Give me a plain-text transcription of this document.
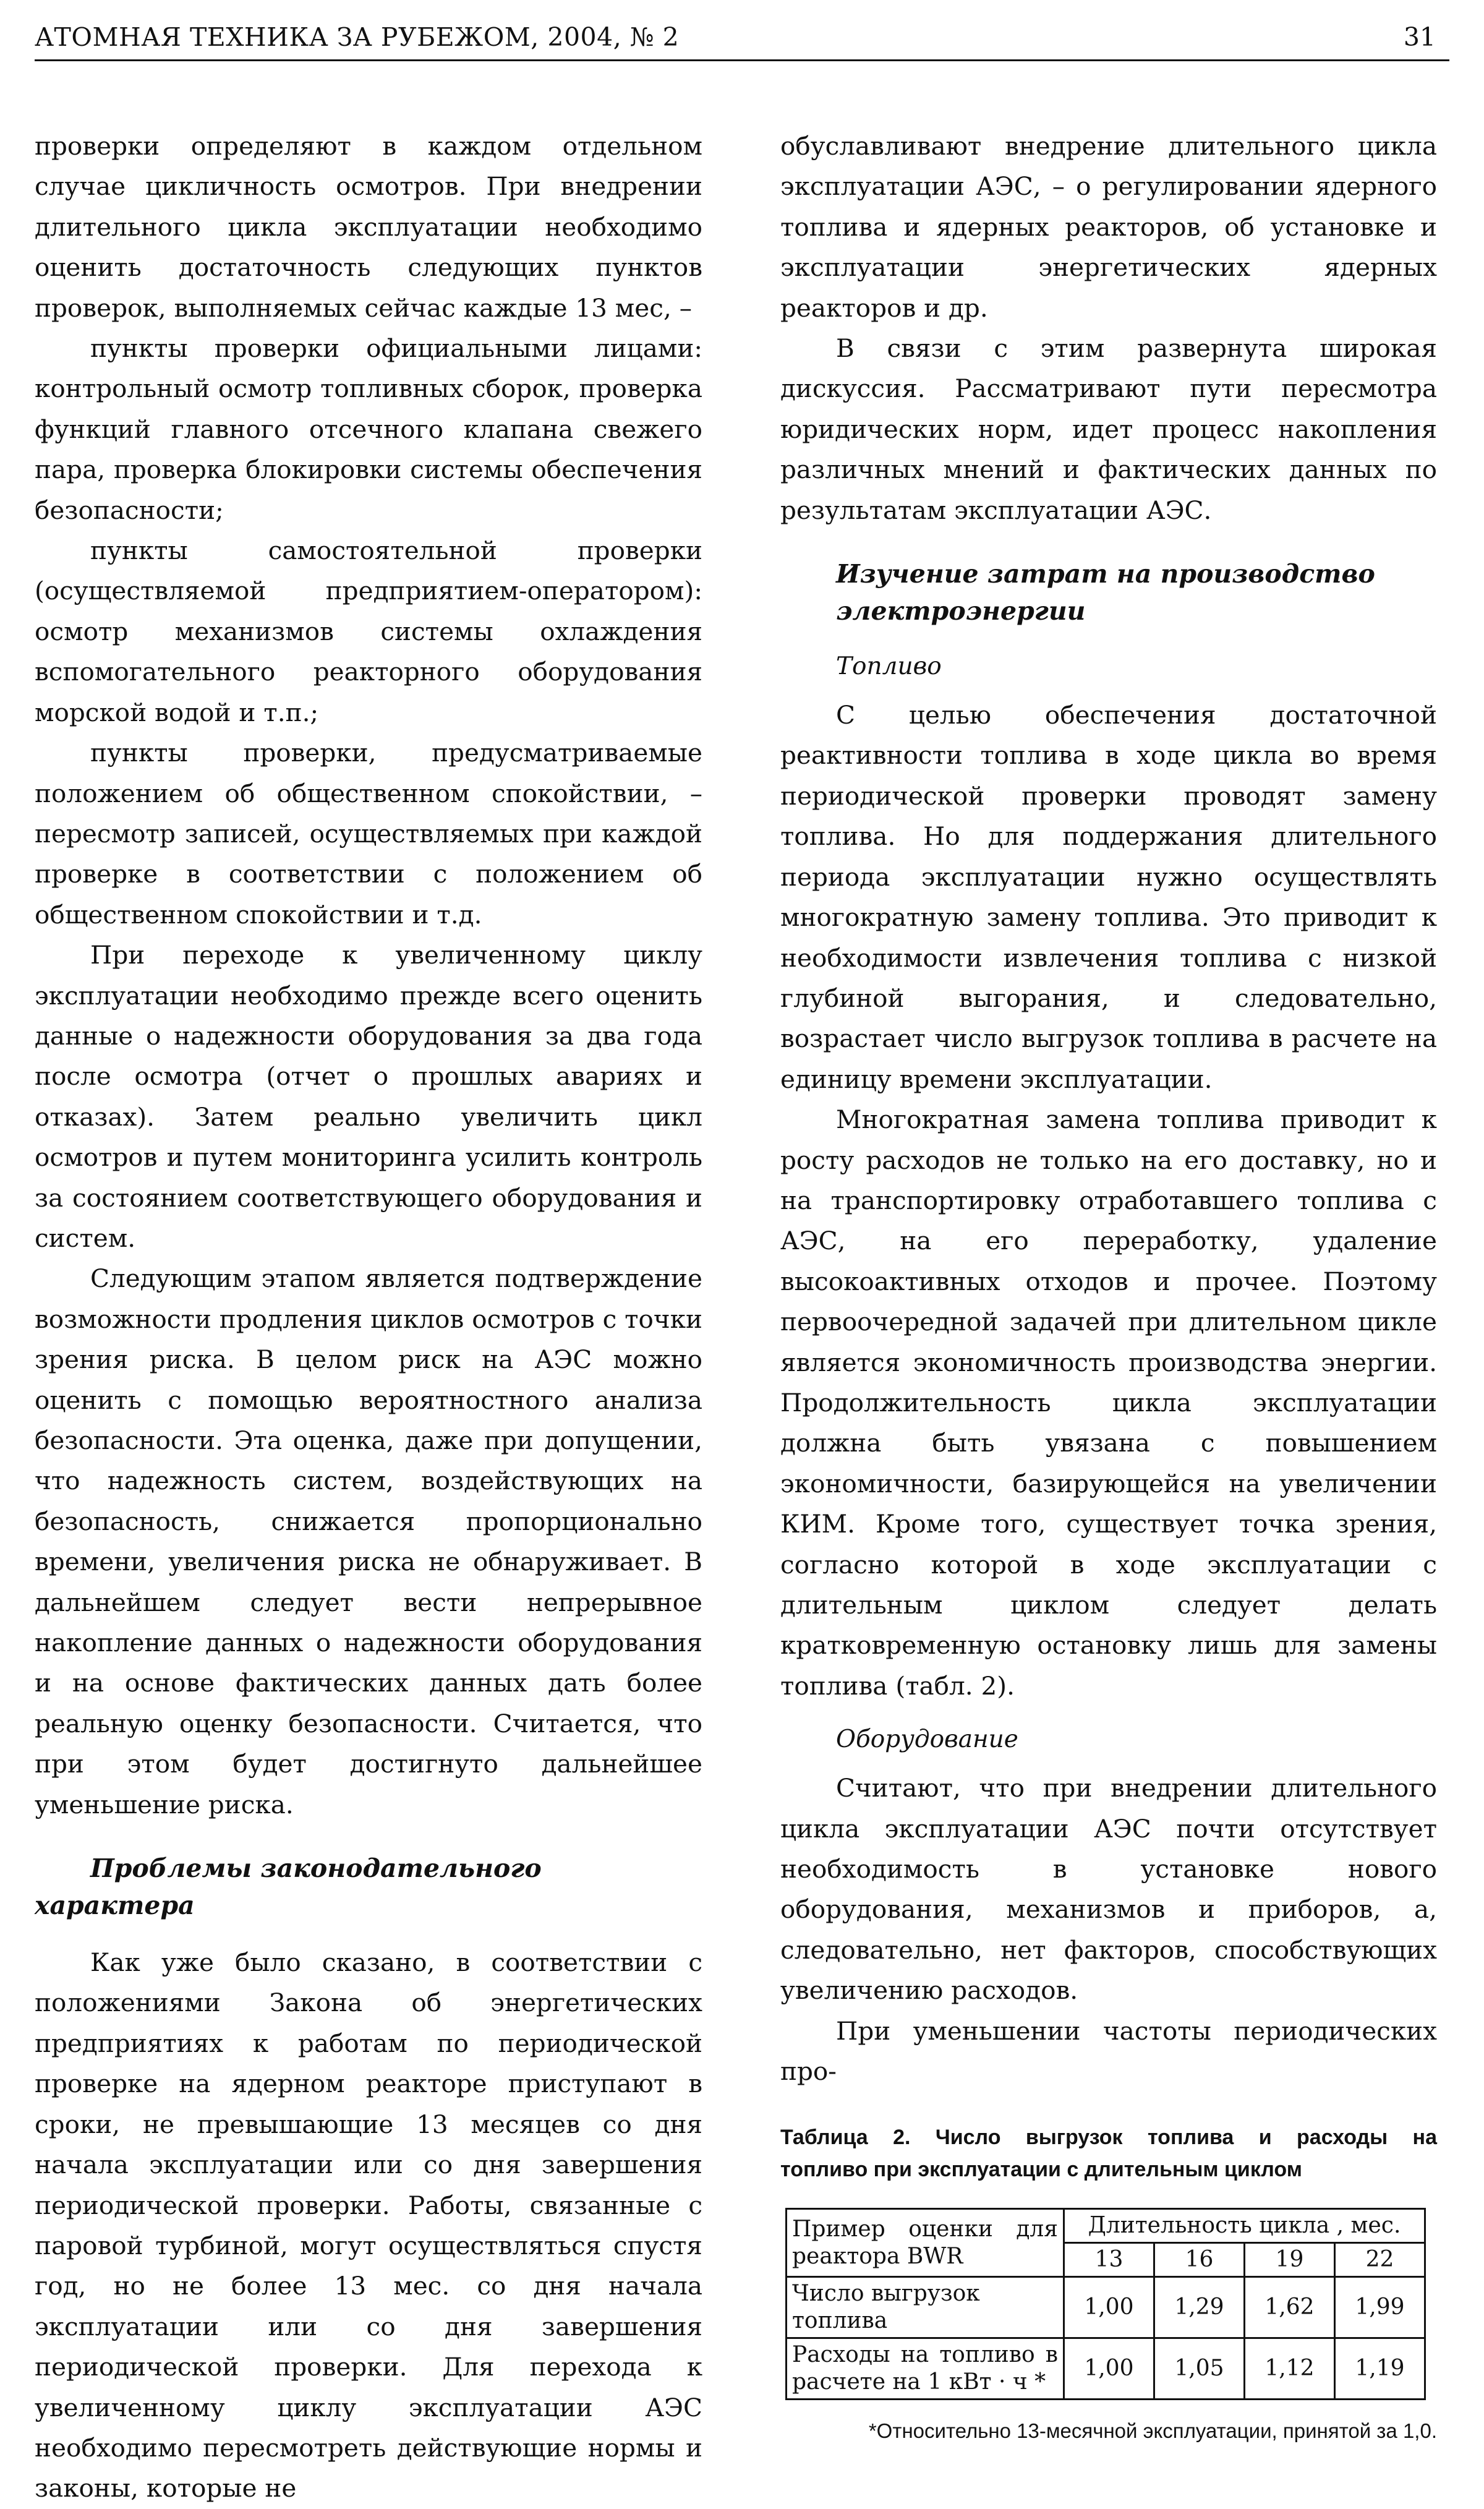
АТОМНАЯ ТЕХНИКА ЗА РУБЕЖОМ, 2004, № 2	31

проверки определяют в каждом отдельном случае цикличность осмотров. При внедрении длительного цикла эксплуатации необходимо оценить достаточность следующих пунктов проверок, выполняемых сейчас каждые 13 мес, –

пункты проверки официальными лицами: контрольный осмотр топливных сборок, проверка функций главного отсечного клапана свежего пара, проверка блокировки системы обеспечения безопасности;

пункты самостоятельной проверки (осуществляемой предприятием-оператором): осмотр механизмов системы охлаждения вспомогательного реакторного оборудования морской водой и т.п.;

пункты проверки, предусматриваемые положением об общественном спокойствии, – пересмотр записей, осуществляемых при каждой проверке в соответствии с положением об общественном спокойствии и т.д.

При переходе к увеличенному циклу эксплуатации необходимо прежде всего оценить данные о надежности оборудования за два года после осмотра (отчет о прошлых авариях и отказах). Затем реально увеличить цикл осмотров и путем мониторинга усилить контроль за состоянием соответствующего оборудования и систем.

Следующим этапом является подтверждение возможности продления циклов осмотров с точки зрения риска. В целом риск на АЭС можно оценить с помощью вероятностного анализа безопасности. Эта оценка, даже при допущении, что надежность систем, воздействующих на безопасность, снижается пропорционально времени, увеличения риска не обнаруживает. В дальнейшем следует вести непрерывное накопление данных о надежности оборудования и на основе фактических данных дать более реальную оценку безопасности. Считается, что при этом будет достигнуто дальнейшее уменьшение риска.

Проблемы законодательного характера

Как уже было сказано, в соответствии с положениями Закона об энергетических предприятиях к работам по периодической проверке на ядерном реакторе приступают в сроки, не превышающие 13 месяцев со дня начала эксплуатации или со дня завершения периодической проверки. Работы, связанные с паровой турбиной, могут осуществляться спустя год, но не более 13 мес. со дня начала эксплуатации или со дня завершения периодической проверки. Для перехода к увеличенному циклу эксплуатации АЭС необходимо пересмотреть действующие нормы и законы, которые не

обуславливают внедрение длительного цикла эксплуатации АЭС, – о регулировании ядерного топлива и ядерных реакторов, об установке и эксплуатации энергетических ядерных реакторов и др.

В связи с этим развернута широкая дискуссия. Рассматривают пути пересмотра юридических норм, идет процесс накопления различных мнений и фактических данных по результатам эксплуатации АЭС.

Изучение затрат на производство
электроэнергии
Топливо

С целью обеспечения достаточной реактивности топлива в ходе цикла во время периодической проверки проводят замену топлива. Но для поддержания длительного периода эксплуатации нужно осуществлять многократную замену топлива. Это приводит к необходимости извлечения топлива с низкой глубиной выгорания, и следовательно, возрастает число выгрузок топлива в расчете на единицу времени эксплуатации.

Многократная замена топлива приводит к росту расходов не только на его доставку, но и на транспортировку отработавшего топлива с АЭС, на его переработку, удаление высокоактивных отходов и прочее. Поэтому первоочередной задачей при длительном цикле является экономичность производства энергии. Продолжительность цикла эксплуатации должна быть увязана с повышением экономичности, базирующейся на увеличении КИМ. Кроме того, существует точка зрения, согласно которой в ходе эксплуатации с длительным циклом следует делать кратковременную остановку лишь для замены топлива (табл. 2).

Оборудование

Считают, что при внедрении длительного цикла эксплуатации АЭС почти отсутствует необходимость в установке нового оборудования, механизмов и приборов, а, следовательно, нет факторов, способствующих увеличению расходов.

При уменьшении частоты периодических про-

Таблица 2. Число выгрузок топлива и расходы на
топливо при эксплуатации с длительным циклом
Пример оценки для
реактора BWR	Длительность цикла , мес.			
	13	16	19	22
Число выгрузок топлива	1,00	1,29	1,62	1,99

Расходы на топливо в
расчете на 1 кВт · ч *	1,00	1,05	1,12	1,19
*Относительно 13-месячной эксплуатации, принятой за 1,0.
